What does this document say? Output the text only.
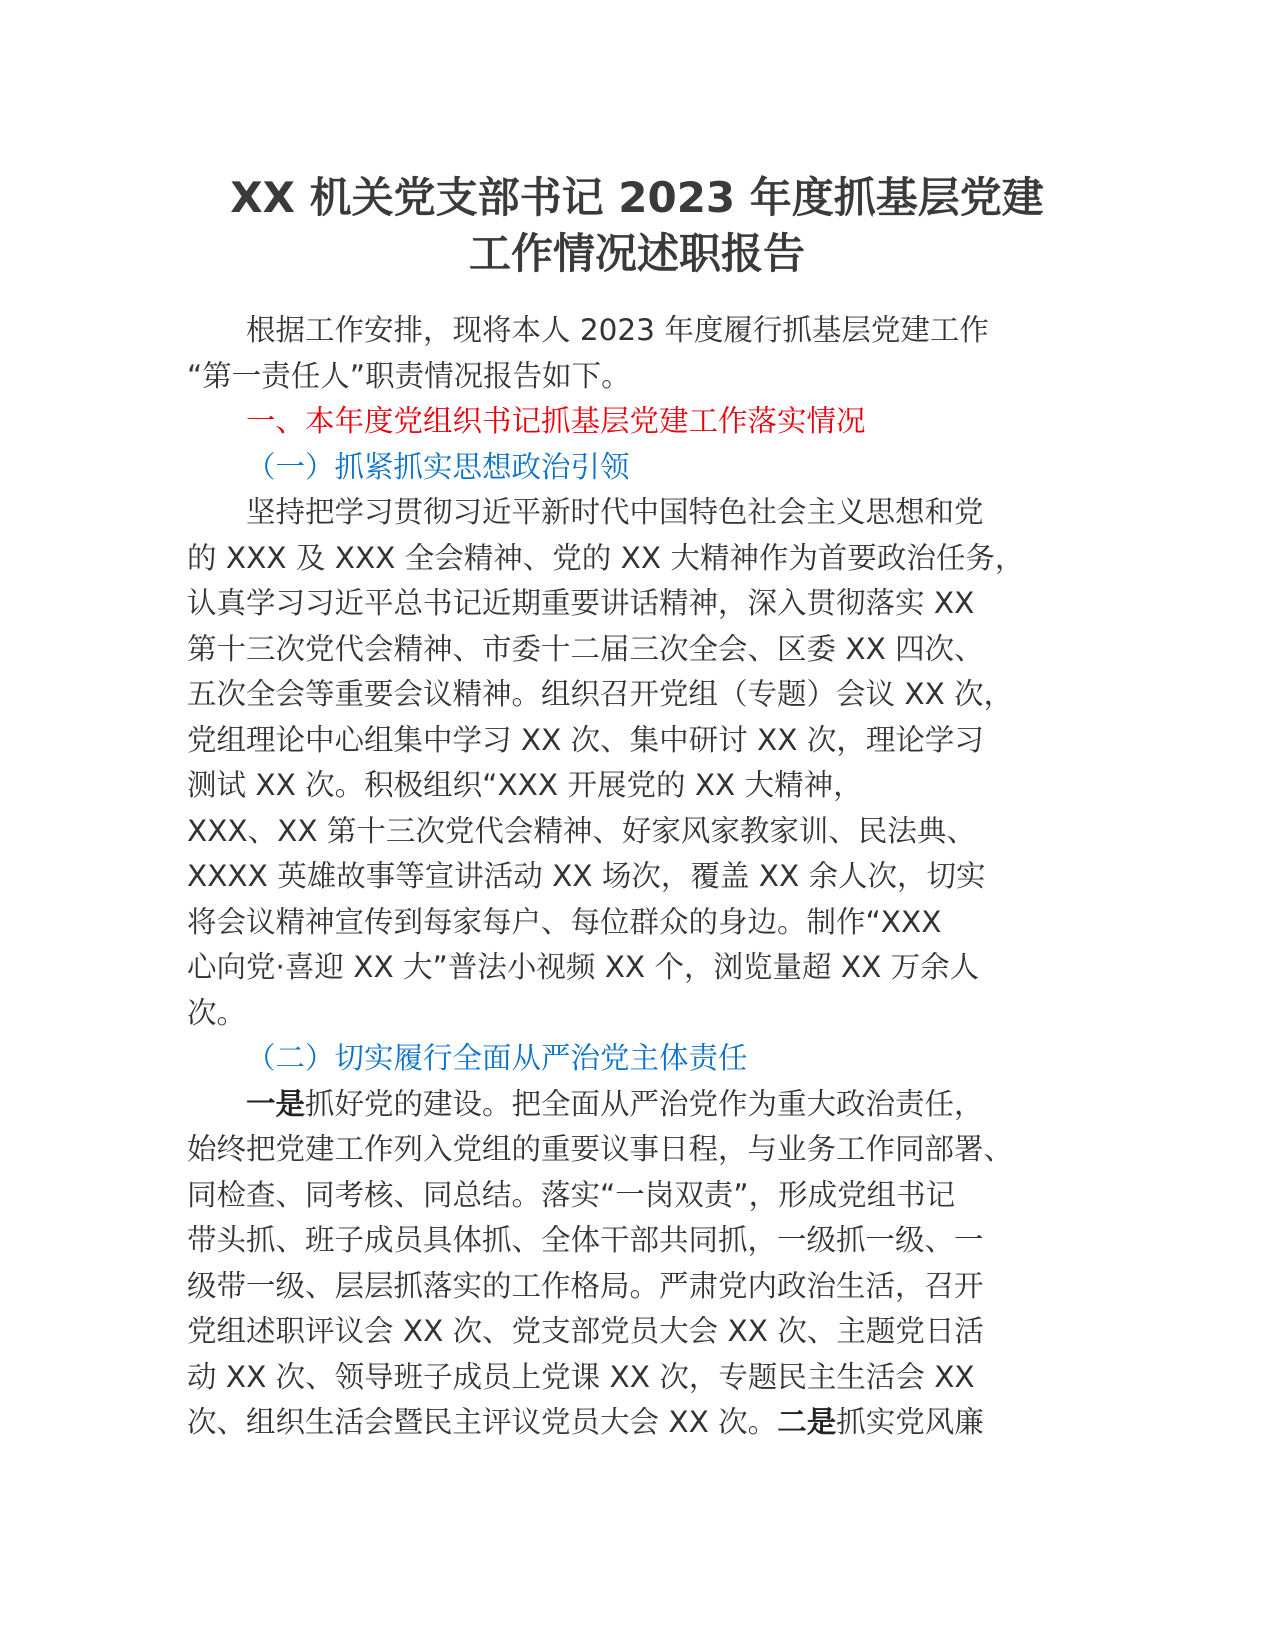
XX 机关党支部书记 2023 年度抓基层党建
工作情况述职报告

根据工作安排，现将本人 2023 年度履行抓基层党建工作
“第一责任人”职责情况报告如下。

一、本年度党组织书记抓基层党建工作落实情况

（一）抓紧抓实思想政治引领

坚持把学习贯彻习近平新时代中国特色社会主义思想和党
的 XXX 及 XXX 全会精神、党的 XX 大精神作为首要政治任务，
认真学习习近平总书记近期重要讲话精神，深入贯彻落实 XX
第十三次党代会精神、市委十二届三次全会、区委 XX 四次、
五次全会等重要会议精神。组织召开党组（专题）会议 XX 次，
党组理论中心组集中学习 XX 次、集中研讨 XX 次，理论学习
测试 XX 次。积极组织“XXX 开展党的 XX 大精神，
XXX、XX 第十三次党代会精神、好家风家教家训、民法典、
XXXX 英雄故事等宣讲活动 XX 场次，覆盖 XX 余人次，切实
将会议精神宣传到每家每户、每位群众的身边。制作“XXX
心向党·喜迎 XX 大”普法小视频 XX 个，浏览量超 XX 万余人
次。

（二）切实履行全面从严治党主体责任

一是抓好党的建设。把全面从严治党作为重大政治责任，
始终把党建工作列入党组的重要议事日程，与业务工作同部署、
同检查、同考核、同总结。落实“一岗双责”，形成党组书记
带头抓、班子成员具体抓、全体干部共同抓，一级抓一级、一
级带一级、层层抓落实的工作格局。严肃党内政治生活，召开
党组述职评议会 XX 次、党支部党员大会 XX 次、主题党日活
动 XX 次、领导班子成员上党课 XX 次，专题民主生活会 XX
次、组织生活会暨民主评议党员大会 XX 次。二是抓实党风廉
